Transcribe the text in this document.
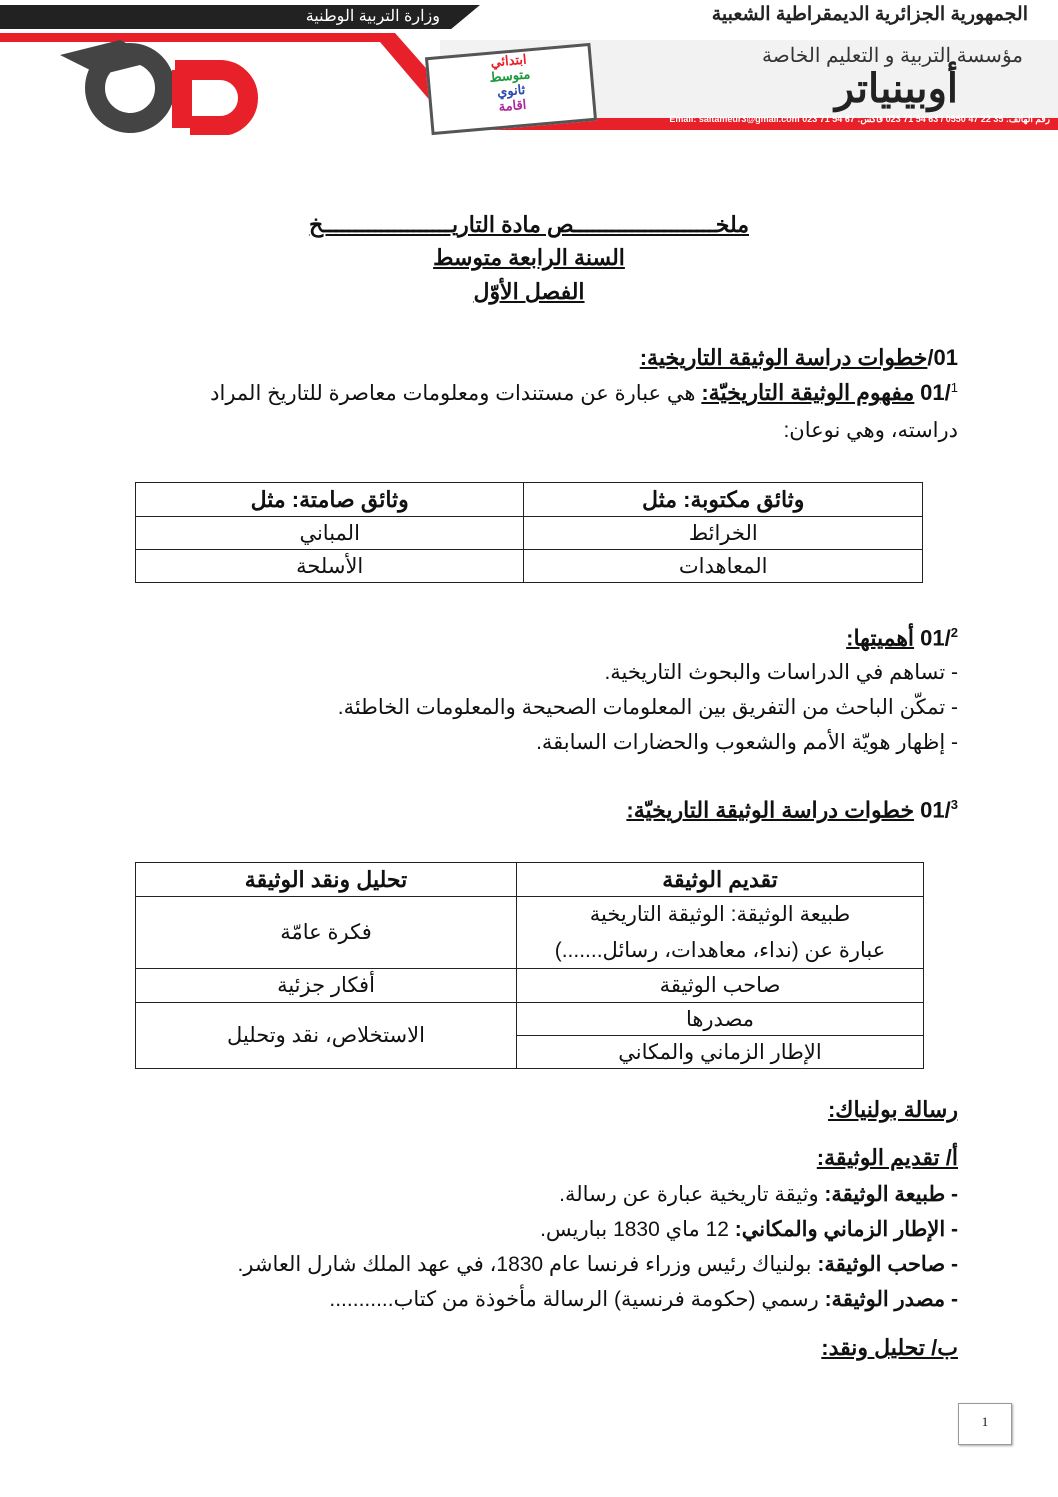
وزارة التربية الوطنية	الجمهورية الجزائرية الديمقراطية الشعبية
مؤسسة التربية و التعليم الخاصة
أوبينياتر
رقم الهاتف: 35 22 47 0550 / 63 54 71 023 فاكس: 67 54 71 023 Email: saitameur3@gmail.com
ابتدائي
متوسط
ثانوي
اقامة
ملخــــــــــــــــــــــص مادة التاريــــــــــــــــــــخ
السنة الرابعة متوسط
الفصل الأوّل
01/خطوات دراسة الوثيقة التاريخية:
01/$^1$ مفهوم الوثيقة التاريخيّة: هي عبارة عن مستندات ومعلومات معاصرة للتاريخ المراد
دراسته، وهي نوعان:
وثائق مكتوبة: مثل	وثائق صامتة: مثل
الخرائط	المباني
المعاهدات	الأسلحة
01/$^2$ أهميتها:
- تساهم في الدراسات والبحوث التاريخية.
- تمكّن الباحث من التفريق بين المعلومات الصحيحة والمعلومات الخاطئة.
- إظهار هويّة الأمم والشعوب والحضارات السابقة.
01/$^3$ خطوات دراسة الوثيقة التاريخيّة:
تقديم الوثيقة	تحليل ونقد الوثيقة
طبيعة الوثيقة: الوثيقة التاريخية	فكرة عامّة
عبارة عن (نداء، معاهدات، رسائل.......)	
صاحب الوثيقة	أفكار جزئية
مصدرها	الاستخلاص، نقد وتحليل
الإطار الزماني والمكاني	
رسالة بولنياك:
أ/ تقديم الوثيقة:
- طبيعة الوثيقة: وثيقة تاريخية عبارة عن رسالة.
- الإطار الزماني والمكاني: 12 ماي 1830 بباريس.
- صاحب الوثيقة: بولنياك رئيس وزراء فرنسا عام 1830، في عهد الملك شارل العاشر.
- مصدر الوثيقة: رسمي (حكومة فرنسية) الرسالة مأخوذة من كتاب...........
ب/ تحليل ونقد:
1
